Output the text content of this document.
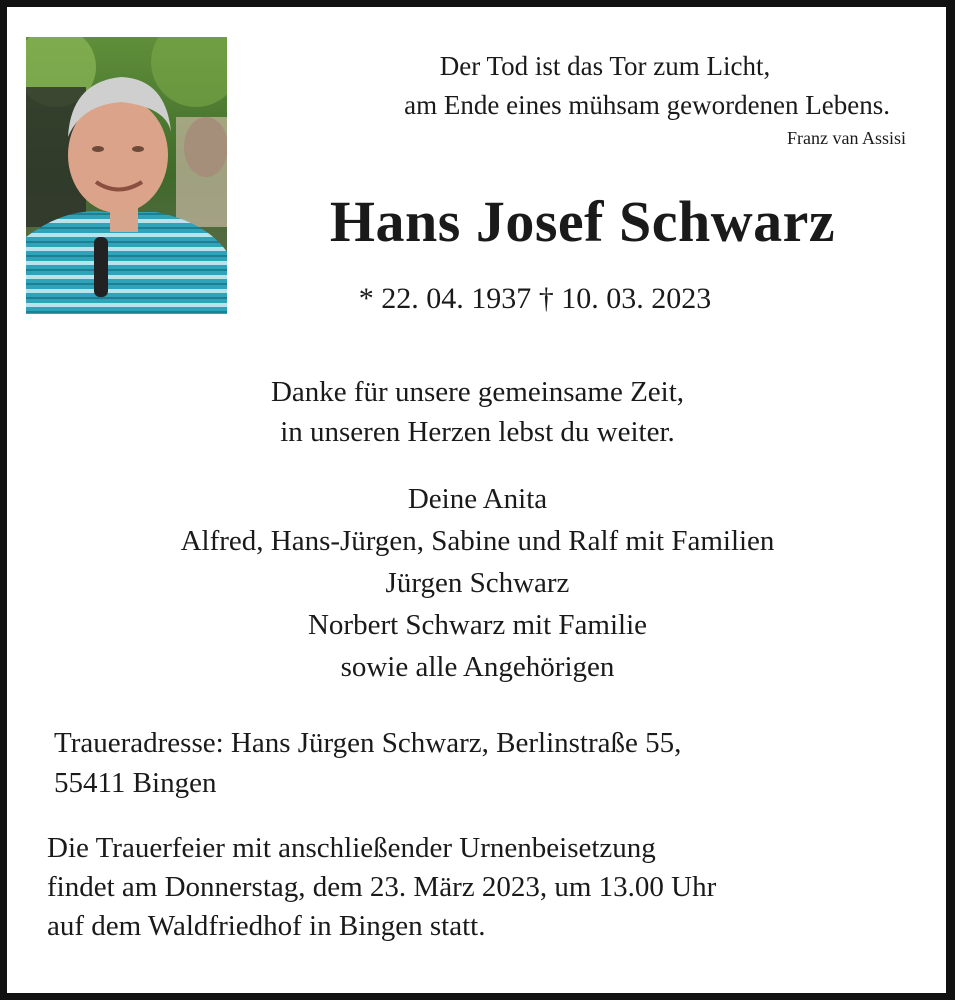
Der Tod ist das Tor zum Licht,
am Ende eines mühsam gewordenen Lebens.
Franz van Assisi
Hans Josef Schwarz
* 22. 04. 1937 † 10. 03. 2023
Danke für unsere gemeinsame Zeit,
in unseren Herzen lebst du weiter.
Deine Anita
Alfred, Hans-Jürgen, Sabine und Ralf mit Familien
Jürgen Schwarz
Norbert Schwarz mit Familie
sowie alle Angehörigen
Traueradresse: Hans Jürgen Schwarz, Berlinstraße 55,
55411 Bingen
Die Trauerfeier mit anschließender Urnenbeisetzung
findet am Donnerstag, dem 23. März 2023, um 13.00 Uhr
auf dem Waldfriedhof in Bingen statt.
